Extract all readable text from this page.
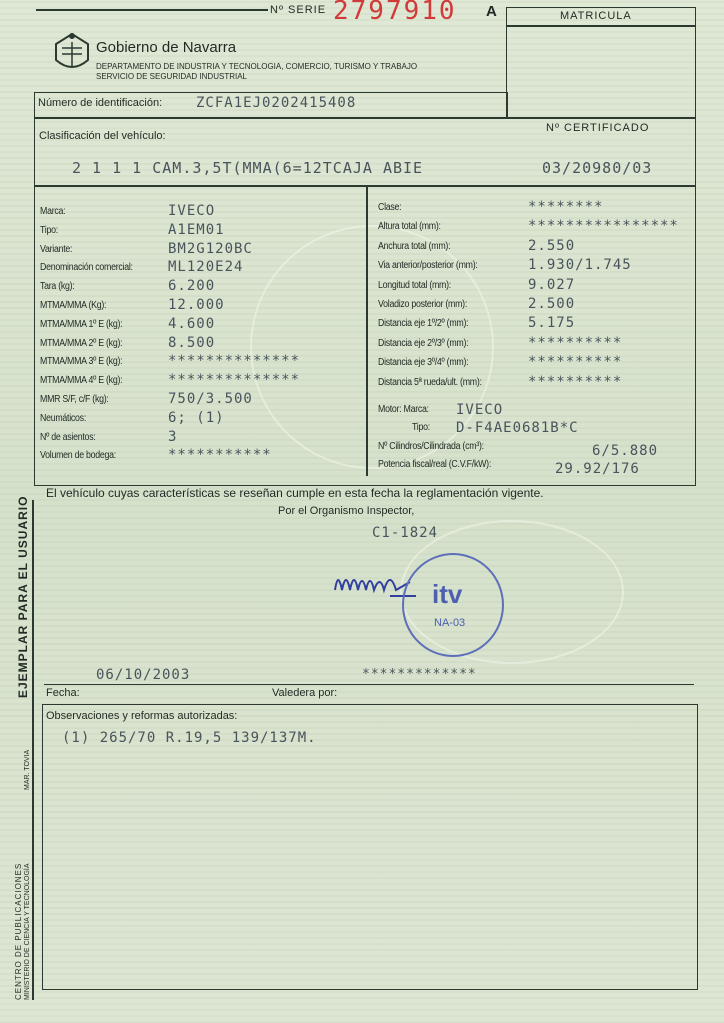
Nº SERIE 2797910 A	MATRICULA
Gobierno de Navarra
DEPARTAMENTO DE INDUSTRIA Y TECNOLOGIA, COMERCIO, TURISMO Y TRABAJO
SERVICIO DE SEGURIDAD INDUSTRIAL
Número de identificación: ZCFA1EJ0202415408
Clasificación del vehículo:
Nº CERTIFICADO
2 1 1 1 CAM.3,5T(MMA(6=12TCAJA ABIE	03/20980/03
Marca:	IVECO
Tipo:	A1EM01
Variante:	BM2G120BC
Denominación comercial:	ML120E24
Tara (kg):	6.200
MTMA/MMA (Kg):	12.000
MTMA/MMA 1º E (kg):	4.600
MTMA/MMA 2º E (kg):	8.500
MTMA/MMA 3º E (kg):	**************
MTMA/MMA 4º E (kg):	**************
MMR S/F, c/F (kg):	750/3.500
Neumáticos:	6; (1)
Nº de asientos:	3
Volumen de bodega:	***********
Clase:	********
Altura total (mm):	****************
Anchura total (mm):	2.550
Via anterior/posterior (mm):	1.930/1.745
Longitud total (mm):	9.027
Voladizo posterior (mm):	2.500
Distancia eje 1º/2º (mm):	5.175
Distancia eje 2º/3º (mm):	**********
Distancia eje 3º/4º (mm):	**********
Distancia 5ª rueda/ult. (mm):	**********
Motor: Marca: IVECO
Tipo: D-F4AE0681B*C
Nº Cilindros/Cilindrada (cm³):	6/5.880
Potencia fiscal/real (C.V.F/kW):	29.92/176
El vehículo cuyas características se reseñan cumple en esta fecha la reglamentación vigente.
Por el Organismo Inspector,
C1-1824
itv
NA-03
06/10/2003	*************
Fecha:	Valedera por:
Observaciones y reformas autorizadas:
(1) 265/70 R.19,5 139/137M.
EJEMPLAR PARA EL USUARIO
CENTRO DE PUBLICACIONES MINISTERIO DE CIENCIA Y TECNOLOGÍA
MAR. TOVIA
